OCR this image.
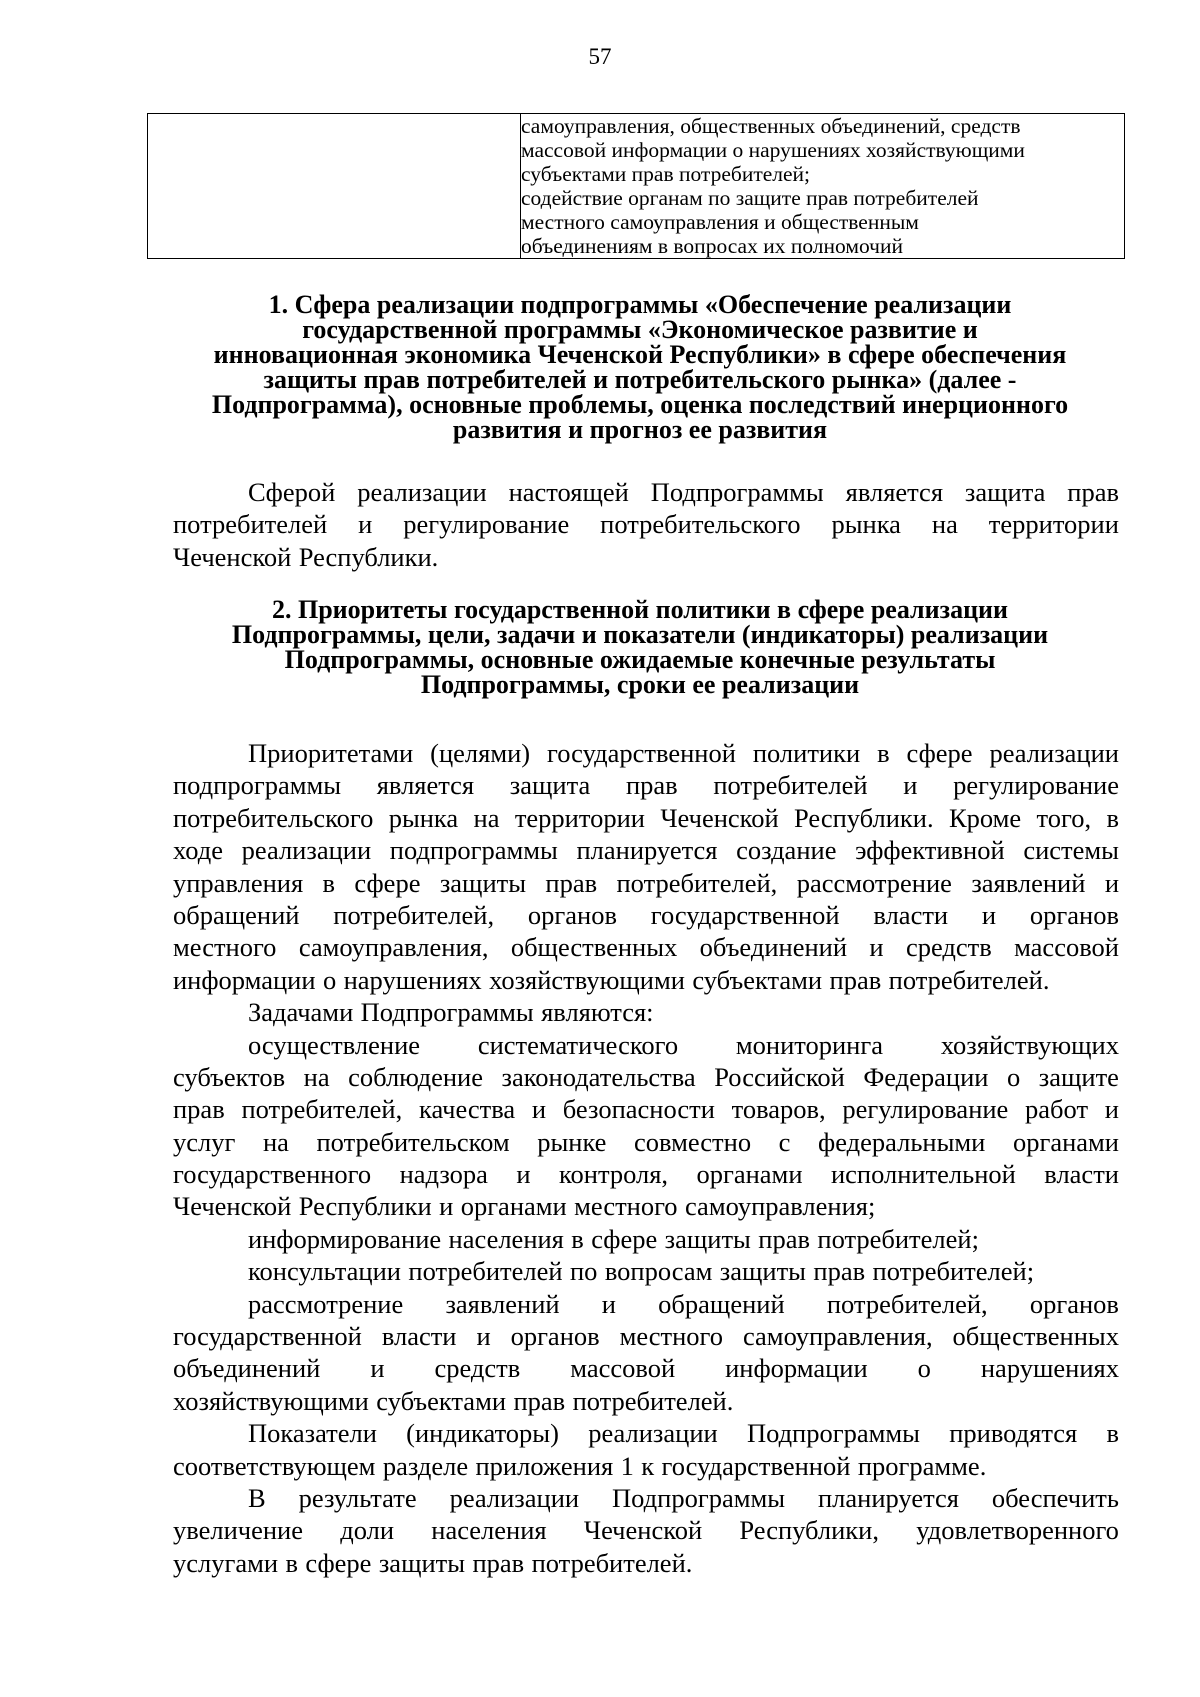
57

самоуправления, общественных объединений, средств
массовой информации о нарушениях хозяйствующими
субъектами прав потребителей;
содействие органам по защите прав потребителей
местного самоуправления и общественным
объединениям в вопросах их полномочий
1. Сфера реализации подпрограммы «Обеспечение реализации
государственной программы «Экономическое развитие и
инновационная экономика Чеченской Республики» в сфере обеспечения
защиты прав потребителей и потребительского рынка» (далее -
Подпрограмма), основные проблемы, оценка последствий инерционного
развития и прогноз ее развития
Сферой реализации настоящей Подпрограммы является защита прав
потребителей и регулирование потребительского рынка на территории
Чеченской Республики.
2. Приоритеты государственной политики в сфере реализации
Подпрограммы, цели, задачи и показатели (индикаторы) реализации
Подпрограммы, основные ожидаемые конечные результаты
Подпрограммы, сроки ее реализации
Приоритетами (целями) государственной политики в сфере реализации
подпрограммы является защита прав потребителей и регулирование
потребительского рынка на территории Чеченской Республики. Кроме того, в
ходе реализации подпрограммы планируется создание эффективной системы
управления в сфере защиты прав потребителей, рассмотрение заявлений и
обращений потребителей, органов государственной власти и органов
местного самоуправления, общественных объединений и средств массовой
информации о нарушениях хозяйствующими субъектами прав потребителей.
Задачами Подпрограммы являются:
осуществление систематического мониторинга хозяйствующих
субъектов на соблюдение законодательства Российской Федерации о защите
прав потребителей, качества и безопасности товаров, регулирование работ и
услуг на потребительском рынке совместно с федеральными органами
государственного надзора и контроля, органами исполнительной власти
Чеченской Республики и органами местного самоуправления;
информирование населения в сфере защиты прав потребителей;
консультации потребителей по вопросам защиты прав потребителей;
рассмотрение заявлений и обращений потребителей, органов
государственной власти и органов местного самоуправления, общественных
объединений и средств массовой информации о нарушениях
хозяйствующими субъектами прав потребителей.
Показатели (индикаторы) реализации Подпрограммы приводятся в
соответствующем разделе приложения 1 к государственной программе.
В результате реализации Подпрограммы планируется обеспечить
увеличение доли населения Чеченской Республики, удовлетворенного
услугами в сфере защиты прав потребителей.
